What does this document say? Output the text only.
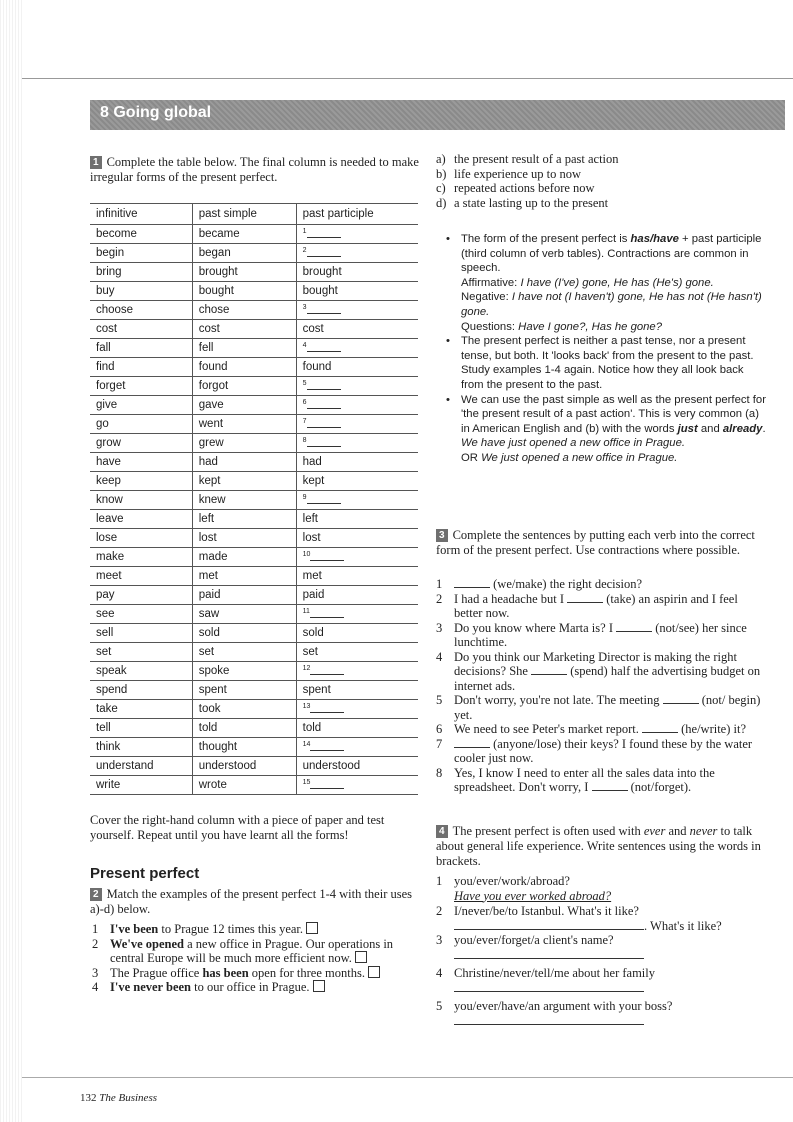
8 Going global
1 Complete the table below. The final column is needed to make irregular forms of the present perfect.
infinitive	past simple	past participle
become	became	$^1$
begin	began	$^2$
bring	brought	brought
buy	bought	bought
choose	chose	$^3$
cost	cost	cost
fall	fell	$^4$
find	found	found
forget	forgot	$^5$
give	gave	$^6$
go	went	$^7$
grow	grew	$^8$
have	had	had
keep	kept	kept
know	knew	$^9$
leave	left	left
lose	lost	lost
make	made	$^{10}$
meet	met	met
pay	paid	paid
see	saw	$^{11}$
sell	sold	sold
set	set	set
speak	spoke	$^{12}$
spend	spent	spent
take	took	$^{13}$
tell	told	told
think	thought	$^{14}$
understand	understood	understood
write	wrote	$^{15}$
Cover the right-hand column with a piece of paper and test yourself. Repeat until you have learnt all the forms!
Present perfect
2 Match the examples of the present perfect 1-4 with their uses a)-d) below.
1 I've been to Prague 12 times this year.
2 We've opened a new office in Prague. Our operations in central Europe will be much more efficient now.
3 The Prague office has been open for three months.
4 I've never been to our office in Prague.
a) the present result of a past action
b) life experience up to now
c) repeated actions before now
d) a state lasting up to the present
• The form of the present perfect is has/have + past participle (third column of verb tables). Contractions are common in speech.
Affirmative: I have (I've) gone, He has (He's) gone.
Negative: I have not (I haven't) gone, He has not (He hasn't) gone.
Questions: Have I gone?, Has he gone?
• The present perfect is neither a past tense, nor a present tense, but both. It 'looks back' from the present to the past.
Study examples 1-4 again. Notice how they all look back from the present to the past.
• We can use the past simple as well as the present perfect for 'the present result of a past action'. This is very common (a) in American English and (b) with the words just and already.
We have just opened a new office in Prague.
OR We just opened a new office in Prague.
3 Complete the sentences by putting each verb into the correct form of the present perfect. Use contractions where possible.
1	(we/make) the right decision?
2 I had a headache but I	(take) an aspirin and I feel better now.
3 Do you know where Marta is? I	(not/see) her since lunchtime.
4 Do you think our Marketing Director is making the right decisions? She	(spend) half the advertising budget on internet ads.
5 Don't worry, you're not late. The meeting	(not/ begin) yet.
6 We need to see Peter's market report.	(he/write) it?
7	(anyone/lose) their keys? I found these by the water cooler just now.
8 Yes, I know I need to enter all the sales data into the spreadsheet. Don't worry, I	(not/forget).
4 The present perfect is often used with ever and never to talk about general life experience. Write sentences using the words in brackets.
1 you/ever/work/abroad?
Have you ever worked abroad?
2 I/never/be/to Istanbul. What's it like?
. What's it like?
3 you/ever/forget/a client's name?

4 Christine/never/tell/me about her family

5 you/ever/have/an argument with your boss?

132 The Business
